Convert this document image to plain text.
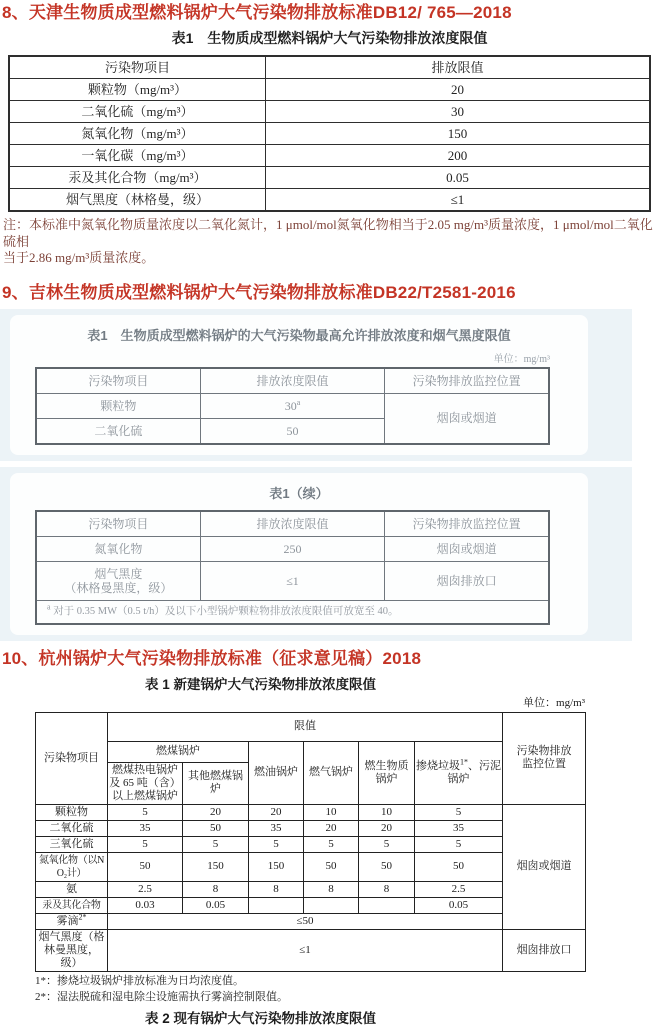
8、天津生物质成型燃料锅炉大气污染物排放标准DB12/ 765—2018
表1　生物质成型燃料锅炉大气污染物排放浓度限值
污染物项目	排放限值
颗粒物（mg/m³）	20
二氧化硫（mg/m³）	30
氮氧化物（mg/m³）	150
一氧化碳（mg/m³）	200
汞及其化合物（mg/m³）	0.05
烟气黑度（林格曼，级）	≤1
注：本标准中氮氧化物质量浓度以二氧化氮计，1 μmol/mol氮氧化物相当于2.05 mg/m³质量浓度，1 μmol/mol二氧化硫相
当于2.86 mg/m³质量浓度。
9、吉林生物质成型燃料锅炉大气污染物排放标准DB22/T2581-2016
表1　生物质成型燃料锅炉的大气污染物最高允许排放浓度和烟气黑度限值
单位：mg/m³
污染物项目	排放浓度限值	污染物排放监控位置
颗粒物	30$^a$	烟囱或烟道
二氧化硫	50	
表1（续）
污染物项目	排放浓度限值	污染物排放监控位置
氮氧化物	250	烟囱或烟道
烟气黑度
（林格曼黑度，级）	≤1	烟囱排放口
$^a$ 对于 0.35 MW（0.5 t/h）及以下小型锅炉颗粒物排放浓度限值可放宽至 40。		
10、杭州锅炉大气污染物排放标准（征求意见稿）2018
表 1 新建锅炉大气污染物排放浓度限值
单位：mg/m³
污染物项目	限值						污染物排放监控位置
	燃煤锅炉		燃油锅炉	燃气锅炉	燃生物质锅炉	掺烧垃圾$^{1*}$、污泥锅炉	
	燃煤热电锅炉及 65 吨（含）以上燃煤锅炉	其他燃煤锅炉					
颗粒物	5	20	20	10	10	5	烟囱或烟道
二氧化硫	35	50	35	20	20	35	
三氧化硫	5	5	5	5	5	5	
氮氧化物（以NO₂计）	50	150	150	50	50	50	
氨	2.5	8	8	8	8	2.5	
汞及其化合物	0.03	0.05				0.05	
雾滴$^{2*}$	≤50						
烟气黑度（格林曼黑度，级）	≤1						烟囱排放口
1*：掺烧垃圾锅炉排放标准为日均浓度值。
2*：湿法脱硫和湿电除尘设施需执行雾滴控制限值。
表 2 现有锅炉大气污染物排放浓度限值
